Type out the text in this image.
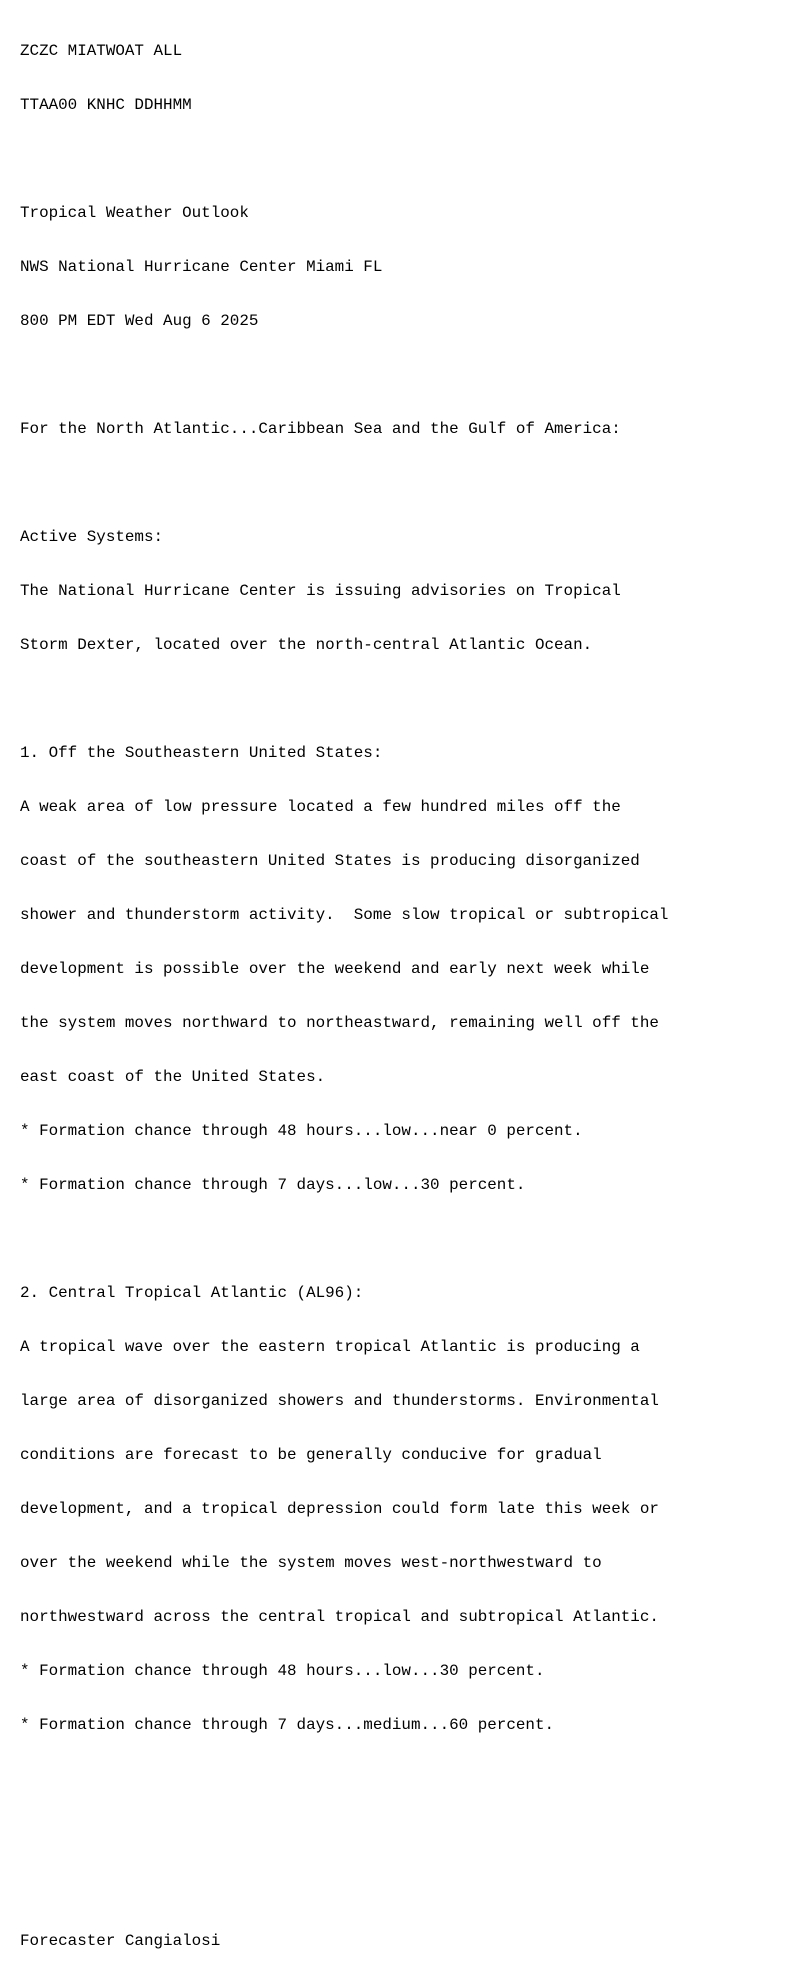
ZCZC MIATWOAT ALL

TTAA00 KNHC DDHHMM

Tropical Weather Outlook

NWS National Hurricane Center Miami FL

800 PM EDT Wed Aug 6 2025

For the North Atlantic...Caribbean Sea and the Gulf of America:

Active Systems:

The National Hurricane Center is issuing advisories on Tropical

Storm Dexter, located over the north-central Atlantic Ocean.

1. Off the Southeastern United States:

A weak area of low pressure located a few hundred miles off the

coast of the southeastern United States is producing disorganized

shower and thunderstorm activity.  Some slow tropical or subtropical

development is possible over the weekend and early next week while

the system moves northward to northeastward, remaining well off the

east coast of the United States.

* Formation chance through 48 hours...low...near 0 percent.

* Formation chance through 7 days...low...30 percent.

2. Central Tropical Atlantic (AL96):

A tropical wave over the eastern tropical Atlantic is producing a

large area of disorganized showers and thunderstorms. Environmental

conditions are forecast to be generally conducive for gradual

development, and a tropical depression could form late this week or

over the weekend while the system moves west-northwestward to

northwestward across the central tropical and subtropical Atlantic.

* Formation chance through 48 hours...low...30 percent.

* Formation chance through 7 days...medium...60 percent.

Forecaster Cangialosi
